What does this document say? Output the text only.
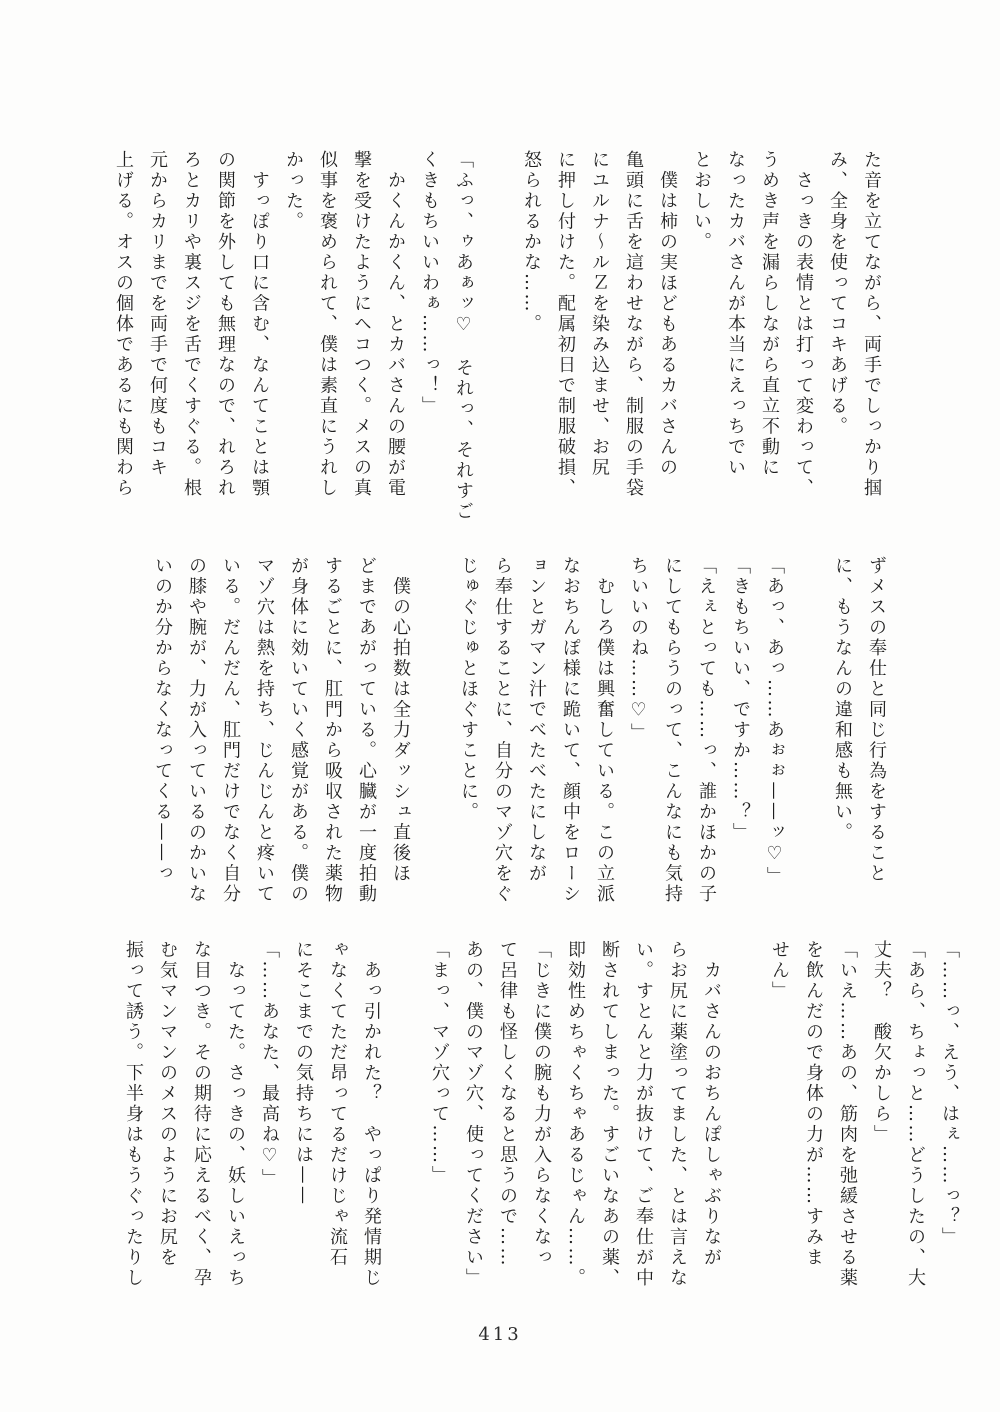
た音を立てながら、両手でしっかり掴

み、全身を使ってコキあげる。

　さっきの表情とは打って変わって、

うめき声を漏らしながら直立不動に

なったカバさんが本当にえっちでい

とおしい。

　僕は柿の実ほどもあるカバさんの

亀頭に舌を這わせながら、制服の手袋

にユルナ〜ルＺを染み込ませ、お尻

に押し付けた。配属初日で制服破損、

怒られるかな……。

「ふっ、ゥあぁッ♡　それっ、それすご

くきもちいいわぁ……っ！」

　かくんかくん、とカバさんの腰が電

撃を受けたようにヘコつく。メスの真

似事を褒められて、僕は素直にうれし

かった。

　すっぽり口に含む、なんてことは顎

の関節を外しても無理なので、れろれ

ろとカリや裏スジを舌でくすぐる。根

元からカリまでを両手で何度もコキ

上げる。オスの個体であるにも関わら

ずメスの奉仕と同じ行為をすること

に、もうなんの違和感も無い。

「あっ、あっ……あぉぉ——ッ♡」

「きもちいい、ですか……？」

「えぇとっても……っ、誰かほかの子

にしてもらうのって、こんなにも気持

ちいいのね……♡」

　むしろ僕は興奮している。この立派

なおちんぽ様に跪いて、顔中をローシ

ョンとガマン汁でべたべたにしなが

ら奉仕することに、自分のマゾ穴をぐ

じゅぐじゅとほぐすことに。

　僕の心拍数は全力ダッシュ直後ほ

どまであがっている。心臓が一度拍動

するごとに、肛門から吸収された薬物

が身体に効いていく感覚がある。僕の

マゾ穴は熱を持ち、じんじんと疼いて

いる。だんだん、肛門だけでなく自分

の膝や腕が、力が入っているのかいな

いのか分からなくなってくる——っ

「……っ、えう、はぇ……っ？」

「あら、ちょっと……どうしたの、大

丈夫？　酸欠かしら」

「いえ……あの、筋肉を弛緩させる薬

を飲んだので身体の力が……すみま

せん」

　カバさんのおちんぽしゃぶりなが

らお尻に薬塗ってました、とは言えな

い。すとんと力が抜けて、ご奉仕が中

断されてしまった。すごいなあの薬、

即効性めちゃくちゃあるじゃん……。

「じきに僕の腕も力が入らなくなっ

て呂律も怪しくなると思うので……

あの、僕のマゾ穴、使ってください」

「まっ、マゾ穴って……」

　あっ引かれた？　やっぱり発情期じ

ゃなくてただ昂ってるだけじゃ流石

にそこまでの気持ちには——

「……あなた、最高ね♡」

　なってた。さっきの、妖しいえっち

な目つき。その期待に応えるべく、孕

む気マンマンのメスのようにお尻を

振って誘う。下半身はもうぐったりし

413
